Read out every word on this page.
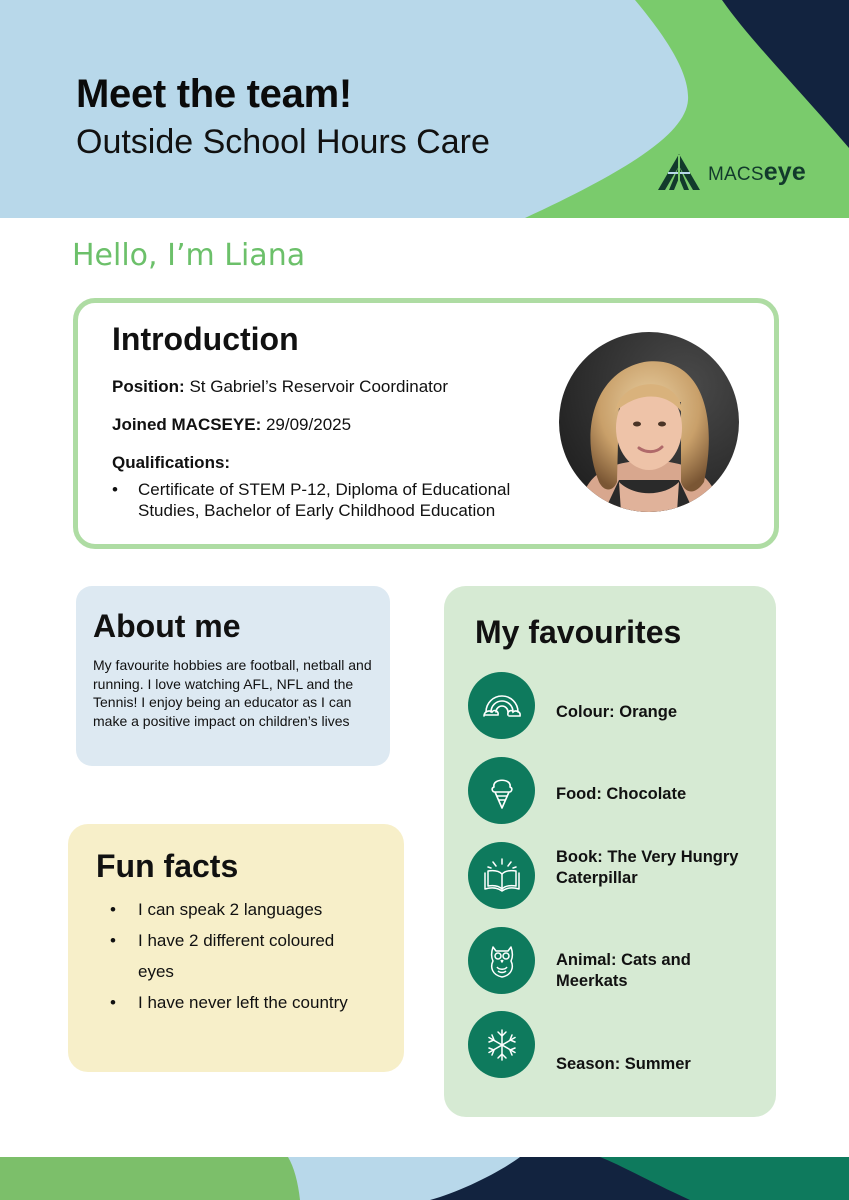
Meet the team!
Outside School Hours Care
MACSeye
Hello, I’m Liana
Introduction
Position: St Gabriel’s Reservoir Coordinator
Joined MACSEYE: 29/09/2025
Qualifications:
• Certificate of STEM P-12, Diploma of Educational Studies, Bachelor of Early Childhood Education
About me

My favourite hobbies are football, netball and running. I love watching AFL, NFL and the Tennis! I enjoy being an educator as I can make a positive impact on children’s lives

Fun facts
• I can speak 2 languages
• I have 2 different coloured eyes
• I have never left the country
My favourites
Colour: Orange
Food: Chocolate
Book: The Very Hungry Caterpillar
Animal: Cats and Meerkats
Season: Summer
